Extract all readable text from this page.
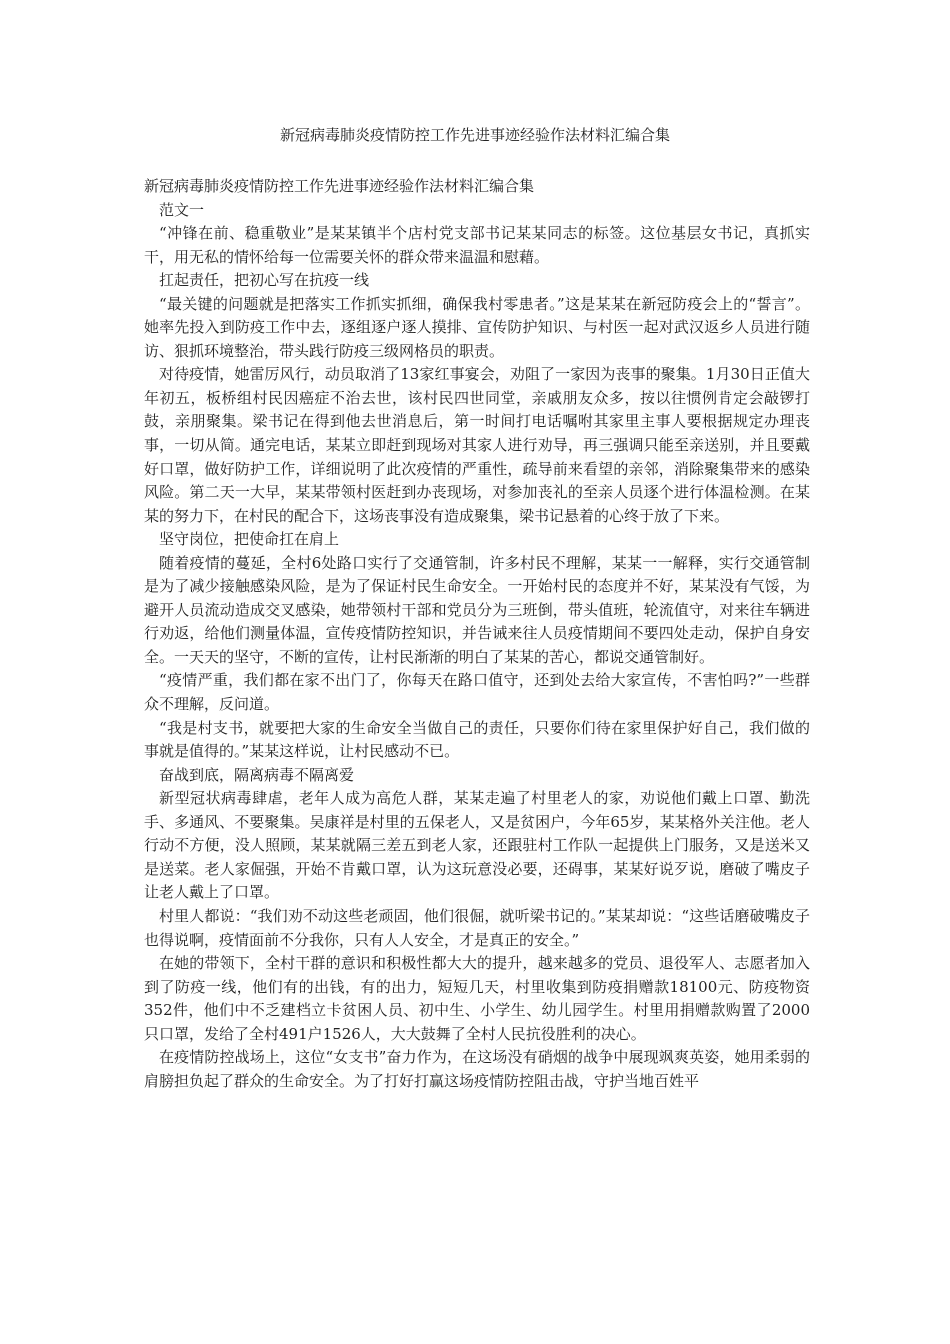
新冠病毒肺炎疫情防控工作先进事迹经验作法材料汇编合集

新冠病毒肺炎疫情防控工作先进事迹经验作法材料汇编合集

范文一

“冲锋在前、稳重敬业”是某某镇半个店村党支部书记某某同志的标签。这位基层女书记，真抓实干，用无私的情怀给每一位需要关怀的群众带来温温和慰藉。

扛起责任，把初心写在抗疫一线

“最关键的问题就是把落实工作抓实抓细，确保我村零患者。”这是某某在新冠防疫会上的“誓言”。她率先投入到防疫工作中去，逐组逐户逐人摸排、宣传防护知识、与村医一起对武汉返乡人员进行随访、狠抓环境整治，带头践行防疫三级网格员的职责。

对待疫情，她雷厉风行，动员取消了13家红事宴会，劝阻了一家因为丧事的聚集。1月30日正值大年初五，板桥组村民因癌症不治去世，该村民四世同堂，亲戚朋友众多，按以往惯例肯定会敲锣打鼓，亲朋聚集。梁书记在得到他去世消息后，第一时间打电话嘱咐其家里主事人要根据规定办理丧事，一切从简。通完电话，某某立即赶到现场对其家人进行劝导，再三强调只能至亲送别，并且要戴好口罩，做好防护工作，详细说明了此次疫情的严重性，疏导前来看望的亲邻，消除聚集带来的感染风险。第二天一大早，某某带领村医赶到办丧现场，对参加丧礼的至亲人员逐个进行体温检测。在某某的努力下，在村民的配合下，这场丧事没有造成聚集，梁书记悬着的心终于放了下来。

坚守岗位，把使命扛在肩上

随着疫情的蔓延，全村6处路口实行了交通管制，许多村民不理解，某某一一解释，实行交通管制是为了减少接触感染风险，是为了保证村民生命安全。一开始村民的态度并不好，某某没有气馁，为避开人员流动造成交叉感染，她带领村干部和党员分为三班倒，带头值班，轮流值守，对来往车辆进行劝返，给他们测量体温，宣传疫情防控知识，并告诫来往人员疫情期间不要四处走动，保护自身安全。一天天的坚守，不断的宣传，让村民渐渐的明白了某某的苦心，都说交通管制好。

“疫情严重，我们都在家不出门了，你每天在路口值守，还到处去给大家宣传，不害怕吗?”一些群众不理解，反问道。

“我是村支书，就要把大家的生命安全当做自己的责任，只要你们待在家里保护好自己，我们做的事就是值得的。”某某这样说，让村民感动不已。

奋战到底，隔离病毒不隔离爱

新型冠状病毒肆虐，老年人成为高危人群，某某走遍了村里老人的家，劝说他们戴上口罩、勤洗手、多通风、不要聚集。吴康祥是村里的五保老人，又是贫困户，今年65岁，某某格外关注他。老人行动不方便，没人照顾，某某就隔三差五到老人家，还跟驻村工作队一起提供上门服务，又是送米又是送菜。老人家倔强，开始不肯戴口罩，认为这玩意没必要，还碍事，某某好说歹说，磨破了嘴皮子让老人戴上了口罩。

村里人都说：“我们劝不动这些老顽固，他们很倔，就听梁书记的。”某某却说：“这些话磨破嘴皮子也得说啊，疫情面前不分我你，只有人人安全，才是真正的安全。”

在她的带领下，全村干群的意识和积极性都大大的提升，越来越多的党员、退役军人、志愿者加入到了防疫一线，他们有的出钱，有的出力，短短几天，村里收集到防疫捐赠款18100元、防疫物资352件，他们中不乏建档立卡贫困人员、初中生、小学生、幼儿园学生。村里用捐赠款购置了2000只口罩，发给了全村491户1526人，大大鼓舞了全村人民抗役胜利的决心。

在疫情防控战场上，这位“女支书”奋力作为，在这场没有硝烟的战争中展现飒爽英姿，她用柔弱的肩膀担负起了群众的生命安全。为了打好打赢这场疫情防控阻击战，守护当地百姓平
